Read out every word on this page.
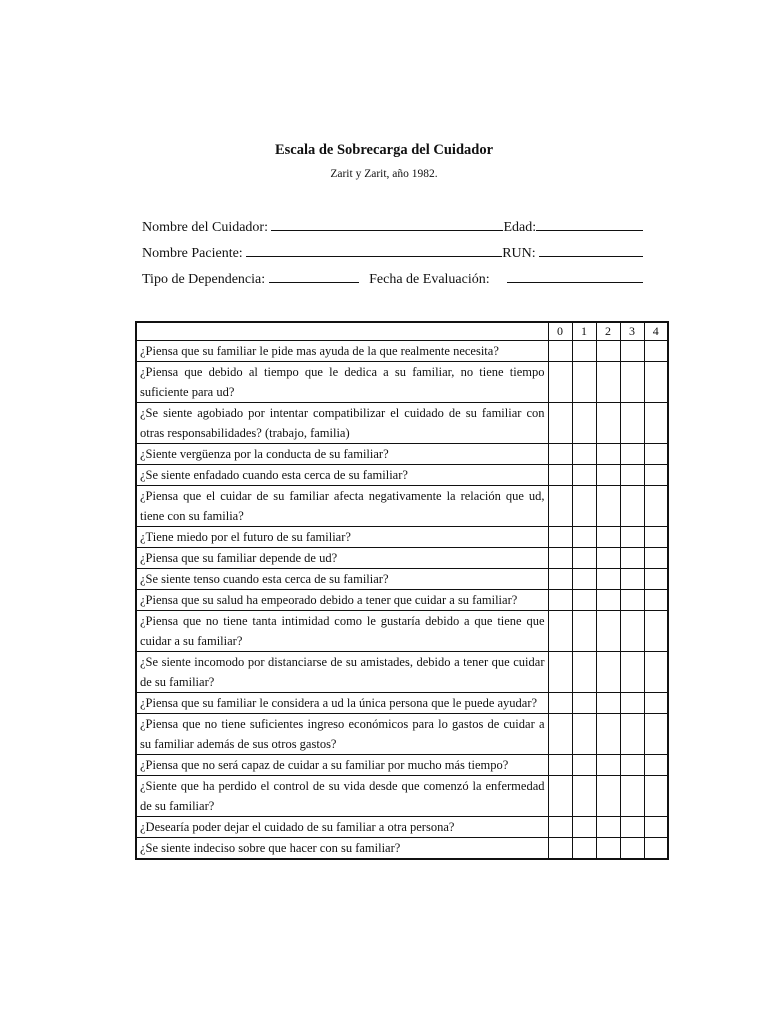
Escala de Sobrecarga del Cuidador
Zarit y Zarit, año 1982.
Nombre del Cuidador:	Edad:
Nombre Paciente:	RUN:
Tipo de Dependencia:	Fecha de Evaluación:
	0	1	2	3	4
¿Piensa que su familiar le pide mas ayuda de la que realmente necesita?					
¿Piensa que debido al tiempo que le dedica a su familiar, no tiene tiempo suficiente para ud?					
¿Se siente agobiado por intentar compatibilizar el cuidado de su familiar con otras responsabilidades? (trabajo, familia)					
¿Siente vergüenza por la conducta de su familiar?					
¿Se siente enfadado cuando esta cerca de su familiar?					
¿Piensa que el cuidar de su familiar afecta negativamente la relación que ud, tiene con su familia?					
¿Tiene miedo por el futuro de su familiar?					
¿Piensa que su familiar depende de ud?					
¿Se siente tenso cuando esta cerca de su familiar?					
¿Piensa que su salud ha empeorado debido a tener que cuidar a su familiar?					
¿Piensa que no tiene tanta intimidad como le gustaría debido a que tiene que cuidar a su familiar?					
¿Se siente incomodo por distanciarse de su amistades, debido a tener que cuidar de su familiar?					
¿Piensa que su familiar le considera a ud la única persona que le puede ayudar?					
¿Piensa que no tiene suficientes ingreso económicos para lo gastos de cuidar a su familiar además de sus otros gastos?					
¿Piensa que no será capaz de cuidar a su familiar por mucho más tiempo?					
¿Siente que ha perdido el control de su vida desde que comenzó la enfermedad de su familiar?					
¿Desearía poder dejar el cuidado de su familiar a otra persona?					
¿Se siente indeciso sobre que hacer con su familiar?					
